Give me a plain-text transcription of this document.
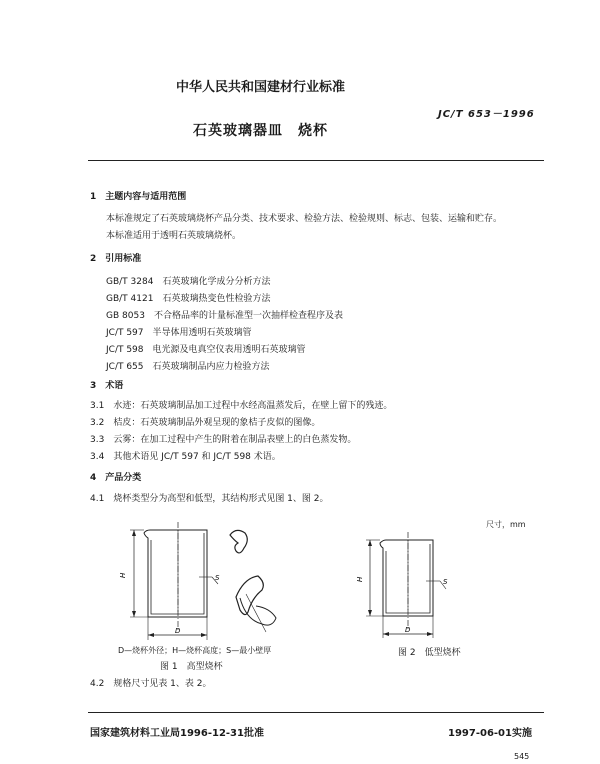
中华人民共和国建材行业标准
JC/T 653－1996
石英玻璃器皿　烧杯
1　主题内容与适用范围
本标准规定了石英玻璃烧杯产品分类、技术要求、检验方法、检验规则、标志、包装、运输和贮存。
本标准适用于透明石英玻璃烧杯。
2　引用标准
GB/T 3284　 石英玻璃化学成分分析方法
GB/T 4121　 石英玻璃热变色性检验方法
GB 8053　 不合格品率的计量标准型一次抽样检查程序及表
JC/T 597　 半导体用透明石英玻璃管
JC/T 598　 电光源及电真空仪表用透明石英玻璃管
JC/T 655　 石英玻璃制品内应力检验方法
3　术语
3.1　水迹：石英玻璃制品加工过程中水经高温蒸发后，在壁上留下的残迹。
3.2　桔皮：石英玻璃制品外观呈现的象桔子皮似的图像。
3.3　云雾：在加工过程中产生的附着在制品表壁上的白色蒸发物。
3.4　其他术语见 JC/T 597 和 JC/T 598 术语。
4　产品分类
4.1　烧杯类型分为高型和低型，其结构形式见图 1、图 2。
尺寸，mm
H
D
S	H
D
S
D—烧杯外径；H—烧杯高度；S—最小壁厚
图 1　高型烧杯
图 2　低型烧杯
4.2　规格尺寸见表 1、表 2。
国家建筑材料工业局1996-12-31批准	1997-06-01实施
545
